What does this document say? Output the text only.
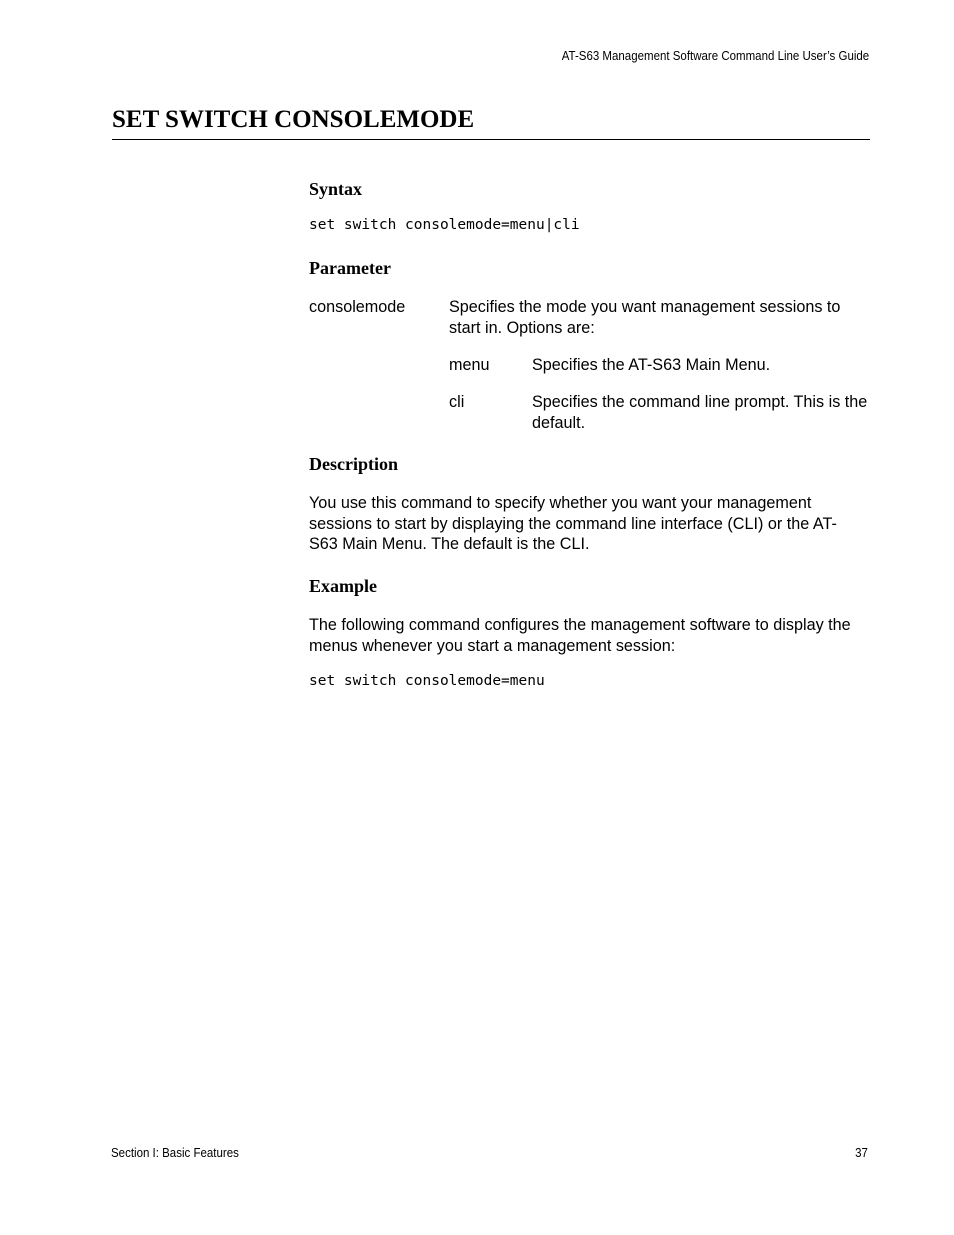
AT-S63 Management Software Command Line User’s Guide
SET SWITCH CONSOLEMODE
Syntax
set switch consolemode=menu|cli
Parameter

consolemode	Specifies the mode you want management sessions to start in. Options are:

menu	Specifies the AT-S63 Main Menu.

cli	Specifies the command line prompt. This is the default.

Description

You use this command to specify whether you want your management sessions to start by displaying the command line interface (CLI) or the AT-S63 Main Menu. The default is the CLI.

Example

The following command configures the management software to display the menus whenever you start a management session:

set switch consolemode=menu
Section I: Basic Features	37
